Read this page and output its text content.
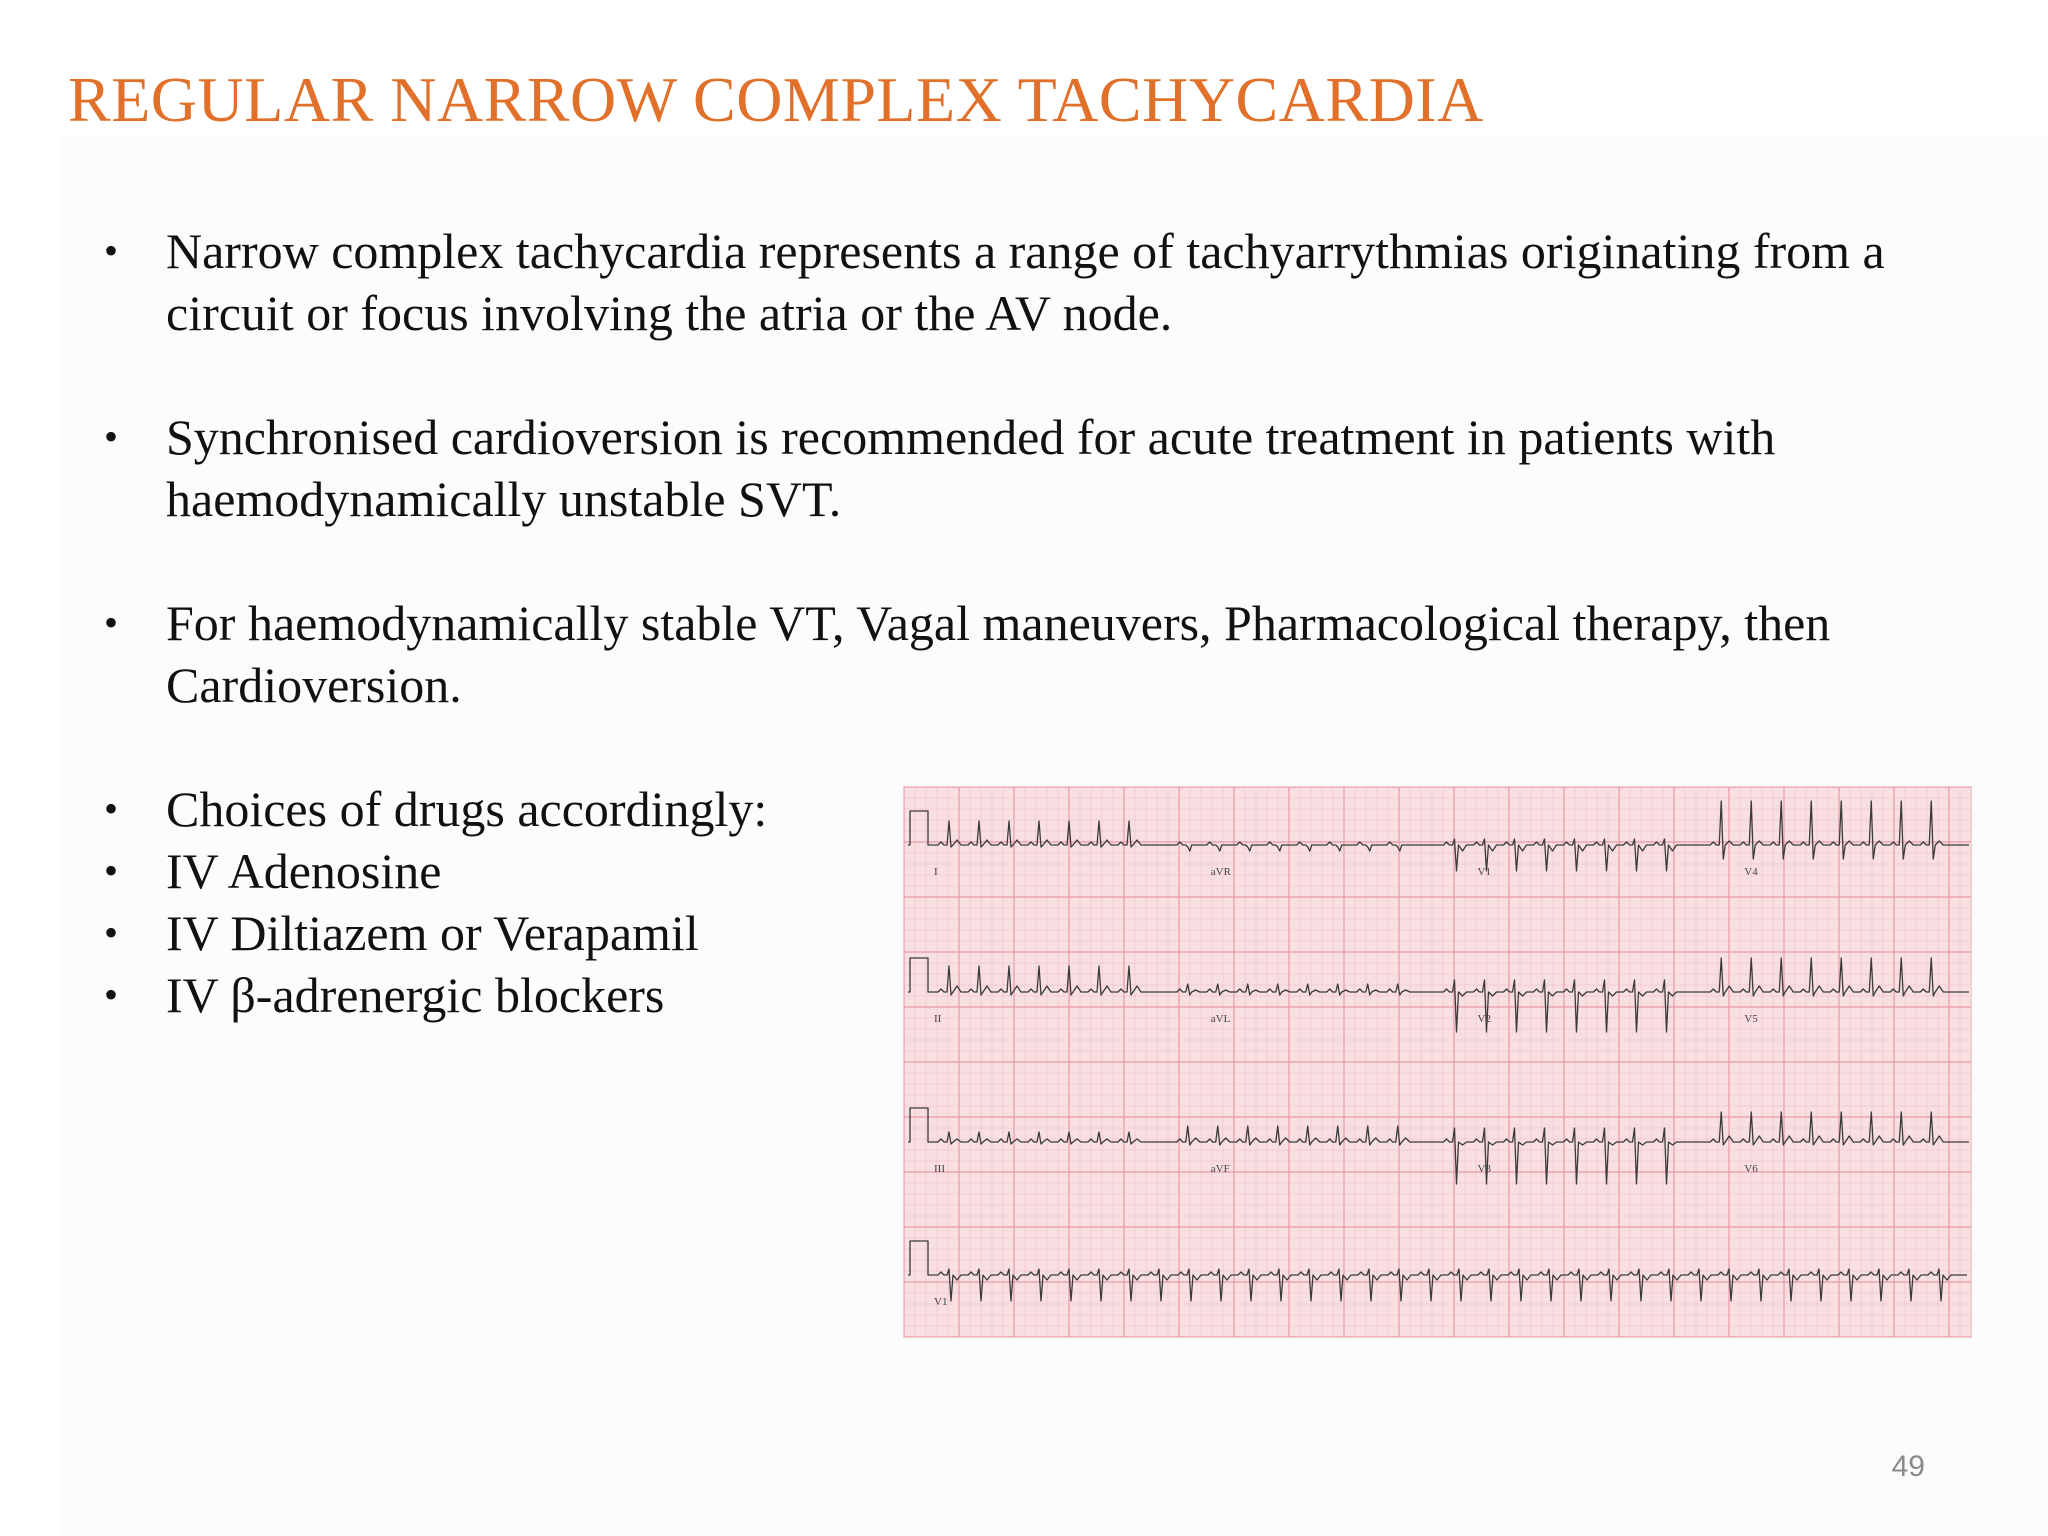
REGULAR NARROW COMPLEX TACHYCARDIA
• Narrow complex tachycardia represents a range of tachyarrythmias originating from a circuit or focus involving the atria or the AV node.
• Synchronised cardioversion is recommended for acute treatment in patients with haemodynamically unstable SVT.
• For haemodynamically stable VT, Vagal maneuvers, Pharmacological therapy, then Cardioversion.
• Choices of drugs accordingly:
• IV Adenosine
• IV Diltiazem or Verapamil
• IV β-adrenergic blockers
I	aVR	V1	V4
II	aVL	V2	V5
III	aVF	V3	V6
V1
49
